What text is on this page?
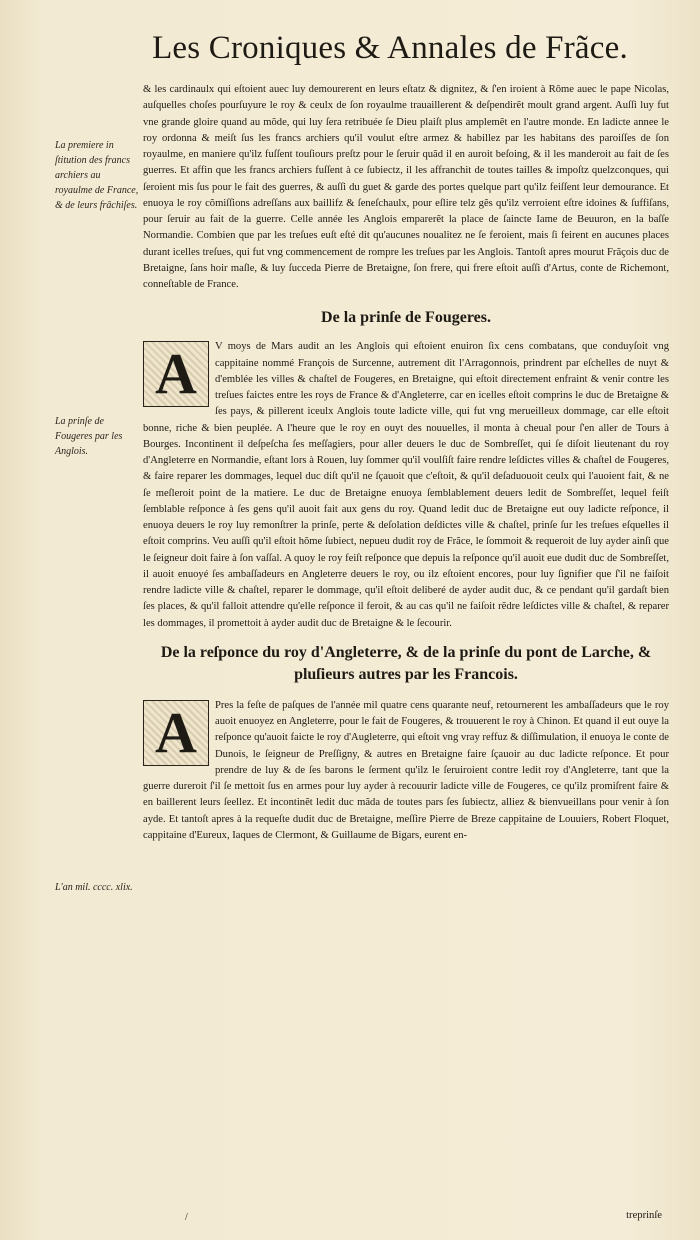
Les Croniques & Annales de Frãce.
La premiere in ſtitution des francs archiers au royaulme de France, & de leurs frāchiſes.
La prinſe de Fougeres par les Anglois.
L'an mil. cccc. xlix.

& les cardinaulx qui eſtoient auec luy demourerent en leurs eſtatz & dignitez, & ſ'en iroient à Rôme auec le pape Nicolas, auſquelles choſes pourſuyure le roy & ceulx de ſon royaulme trauaillerent & deſpendirẽt moult grand argent. Auſſi luy fut vne grande gloire quand au mõde, qui luy ſera retribuée ſe Dieu plaiſt plus amplemẽt en l'autre monde. En ladicte annee le roy ordonna & meiſt ſus les francs archiers qu'il voulut eſtre armez & habillez par les habitans des paroiſſes de ſon royaulme, en maniere qu'ilz fuſſent touſiours preſtz pour le ſeruir quãd il en auroit beſoing, & il les manderoit au fait de ſes guerres. Et affin que les francs archiers fuſſent à ce ſubiectz, il les affranchit de toutes tailles & impoſtz quelzconques, qui ſeroient mis ſus pour le fait des guerres, & auſſi du guet & garde des portes quelque part qu'ilz feiſſent leur demourance. Et enuoya le roy cõmiſſions adreſſans aux baillifz & ſeneſchaulx, pour eſlire telz gẽs qu'ilz verroient eſtre idoines & ſuffiſans, pour ſeruir au fait de la guerre. Celle année les Anglois emparerẽt la place de ſaincte Iame de Beuuron, en la baſſe Normandie. Combien que par les treſues euſt eſté dit qu'aucunes noualitez ne ſe feroient, mais ſi feirent en aucunes places durant icelles treſues, qui fut vng commencement de rompre les treſues par les Anglois. Tantoſt apres mourut Frãçois duc de Bretaigne, ſans hoir maſle, & luy ſucceda Pierre de Bretaigne, ſon frere, qui frere eſtoit auſſi d'Artus, conte de Richemont, conneſtable de France.

De la prinſe de Fougeres.
A	V moys de Mars audit an les Anglois qui eſtoient enuiron ſix cens combatans, que conduyſoit vng cappitaine nommé François de Surcenne, autrement dit l'Arragonnois, prindrent par eſchelles de nuyt & d'emblée les villes & chaſtel de Fougeres, en Bretaigne, qui eſtoit directement enfraint & venir contre les treſues faictes entre les roys de France & d'Angleterre, car en icelles eſtoit comprins le duc de Bretaigne & ſes pays, & pillerent iceulx Anglois toute ladicte ville, qui fut vng merueilleux dommage, car elle eſtoit bonne, riche & bien peuplée. A l'heure que le roy en ouyt des nouuelles, il monta à cheual pour ſ'en aller de Tours à Bourges. Incontinent il deſpeſcha ſes meſſagiers, pour aller deuers le duc de Sombreſſet, qui ſe diſoit lieutenant du roy d'Angleterre en Normandie, eſtant lors à Rouen, luy ſommer qu'il voulſiſt faire rendre leſdictes villes & chaſtel de Fougeres, & faire reparer les dommages, lequel duc diſt qu'il ne ſçauoit que c'eſtoit, & qu'il deſaduouoit ceulx qui l'auoient fait, & ne ſe meſleroit point de la matiere. Le duc de Bretaigne enuoya ſemblablement deuers ledit de Sombreſſet, lequel feiſt ſemblable reſponce à ſes gens qu'il auoit fait aux gens du roy. Quand ledit duc de Bretaigne eut ouy ladicte reſponce, il enuoya deuers le roy luy remonſtrer la prinſe, perte & deſolation deſdictes ville & chaſtel, prinſe ſur les treſues eſquelles il eſtoit comprins. Veu auſſi qu'il eſtoit hõme ſubiect, nepueu dudit roy de Frãce, le ſommoit & requeroit de luy ayder ainſi que le ſeigneur doit faire à ſon vaſſal. A quoy le roy feiſt reſponce que depuis la reſponce qu'il auoit eue dudit duc de Sombreſſet, il auoit enuoyé ſes ambaſſadeurs en Angleterre deuers le roy, ou ilz eſtoient encores, pour luy ſignifier que ſ'il ne faiſoit rendre ladicte ville & chaſtel, reparer le dommage, qu'il eſtoit deliberé de ayder audit duc, & ce pendant qu'il gardaſt bien ſes places, & qu'il falloit attendre qu'elle reſponce il feroit, & au cas qu'il ne faiſoit rẽdre leſdictes ville & chaſtel, & reparer les dommages, il promettoit à ayder audit duc de Bretaigne & le ſecourir.
De la reſponce du roy d'Angleterre, & de la prinſe du pont de Larche, & pluſieurs autres par les Francois.
A	Pres la feſte de paſques de l'année mil quatre cens quarante neuf, retournerent les ambaſſadeurs que le roy auoit enuoyez en Angleterre, pour le fait de Fougeres, & trouuerent le roy à Chinon. Et quand il eut ouye la reſponce qu'auoit faicte le roy d'Augleterre, qui eſtoit vng vray reffuz & diſſimulation, il enuoya le conte de Dunois, le ſeigneur de Preſſigny, & autres en Bretaigne faire ſçauoir au duc ladicte reſponce. Et pour prendre de luy & de ſes barons le ſerment qu'ilz le ſeruiroient contre ledit roy d'Angleterre, tant que la guerre dureroit ſ'il ſe mettoit ſus en armes pour luy ayder à recouurir ladicte ville de Fougeres, ce qu'ilz promiſrent faire & en baillerent leurs ſeellez. Et incontinẽt ledit duc mãda de toutes pars ſes ſubiectz, alliez & bienvueillans pour venir à ſon ayde. Et tantoſt apres à la requeſte dudit duc de Bretaigne, meſſire Pierre de Breze cappitaine de Louuiers, Robert Floquet, cappitaine d'Eureux, Iaques de Clermont, & Guillaume de Bigars, eurent en-
/	treprinſe
